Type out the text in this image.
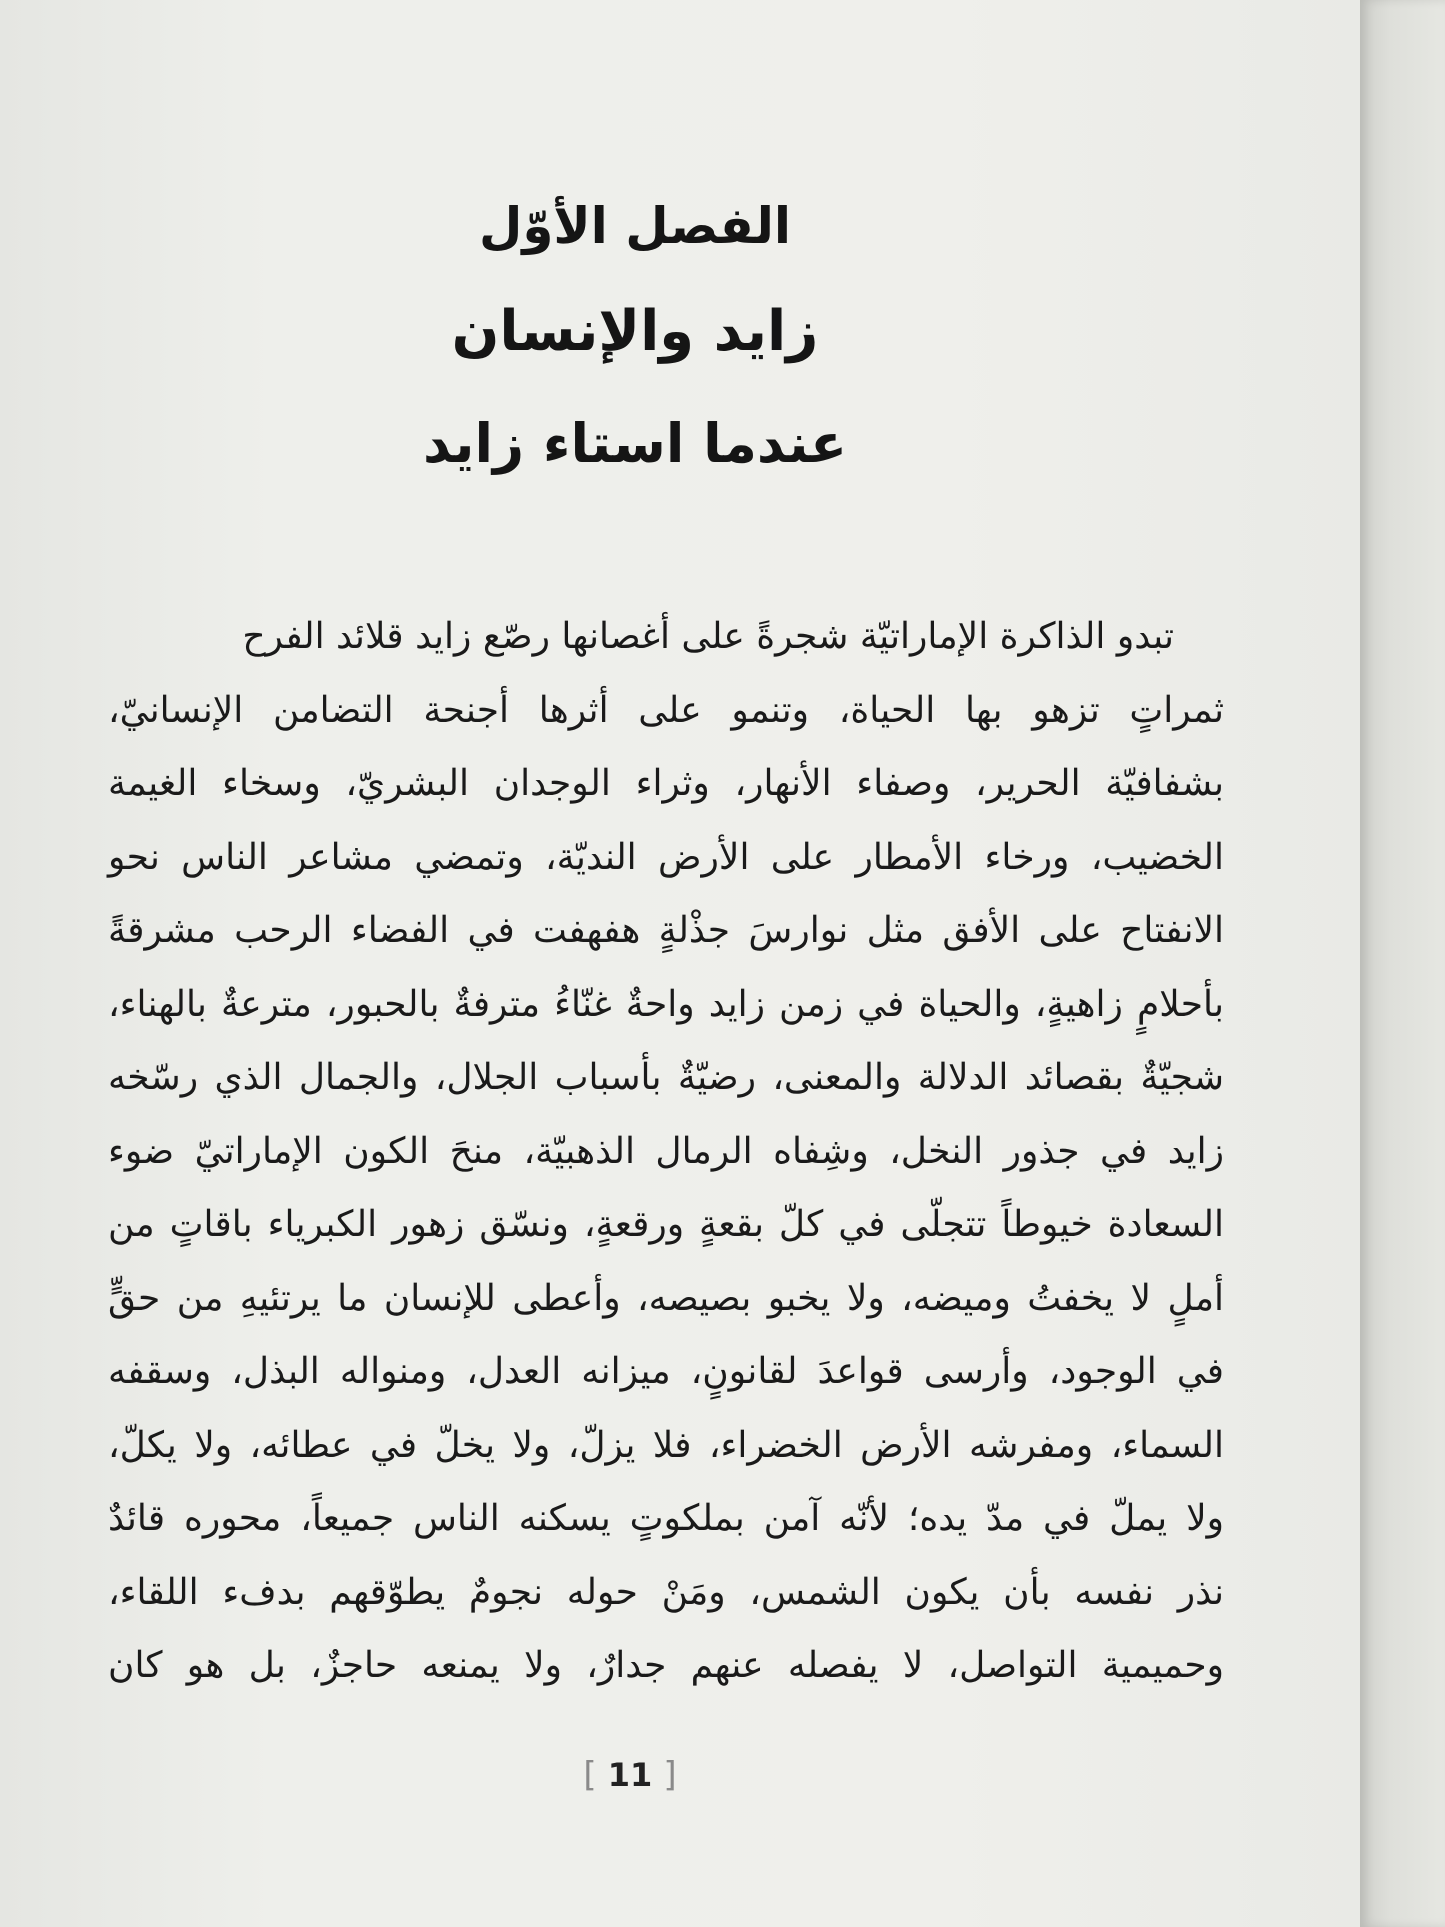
الفصل الأوّل
زايد والإنسان
عندما استاء زايد
تبدو الذاكرة الإماراتيّة شجرةً على أغصانها رصّع زايد قلائد الفرح
ثمراتٍ تزهو بها الحياة، وتنمو على أثرها أجنحة التضامن الإنسانيّ،
بشفافيّة الحرير، وصفاء الأنهار، وثراء الوجدان البشريّ، وسخاء الغيمة
الخضيب، ورخاء الأمطار على الأرض النديّة، وتمضي مشاعر الناس نحو
الانفتاح على الأفق مثل نوارسَ جذْلةٍ هفهفت في الفضاء الرحب مشرقةً
بأحلامٍ زاهيةٍ، والحياة في زمن زايد واحةٌ غنّاءُ مترفةٌ بالحبور، مترعةٌ بالهناء،
شجيّةٌ بقصائد الدلالة والمعنى، رضيّةٌ بأسباب الجلال، والجمال الذي رسّخه
زايد في جذور النخل، وشِفاه الرمال الذهبيّة، منحَ الكون الإماراتيّ ضوء
السعادة خيوطاً تتجلّى في كلّ بقعةٍ ورقعةٍ، ونسّق زهور الكبرياء باقاتٍ من
أملٍ لا يخفتُ وميضه، ولا يخبو بصيصه، وأعطى للإنسان ما يرتئيهِ من حقٍّ
في الوجود، وأرسى قواعدَ لقانونٍ، ميزانه العدل، ومنواله البذل، وسقفه
السماء، ومفرشه الأرض الخضراء، فلا يزلّ، ولا يخلّ في عطائه، ولا يكلّ،
ولا يملّ في مدّ يده؛ لأنّه آمن بملكوتٍ يسكنه الناس جميعاً، محوره قائدٌ
نذر نفسه بأن يكون الشمس، ومَنْ حوله نجومٌ يطوّقهم بدفء اللقاء،
وحميمية التواصل، لا يفصله عنهم جدارٌ، ولا يمنعه حاجزٌ، بل هو كان
[ 11 ]
